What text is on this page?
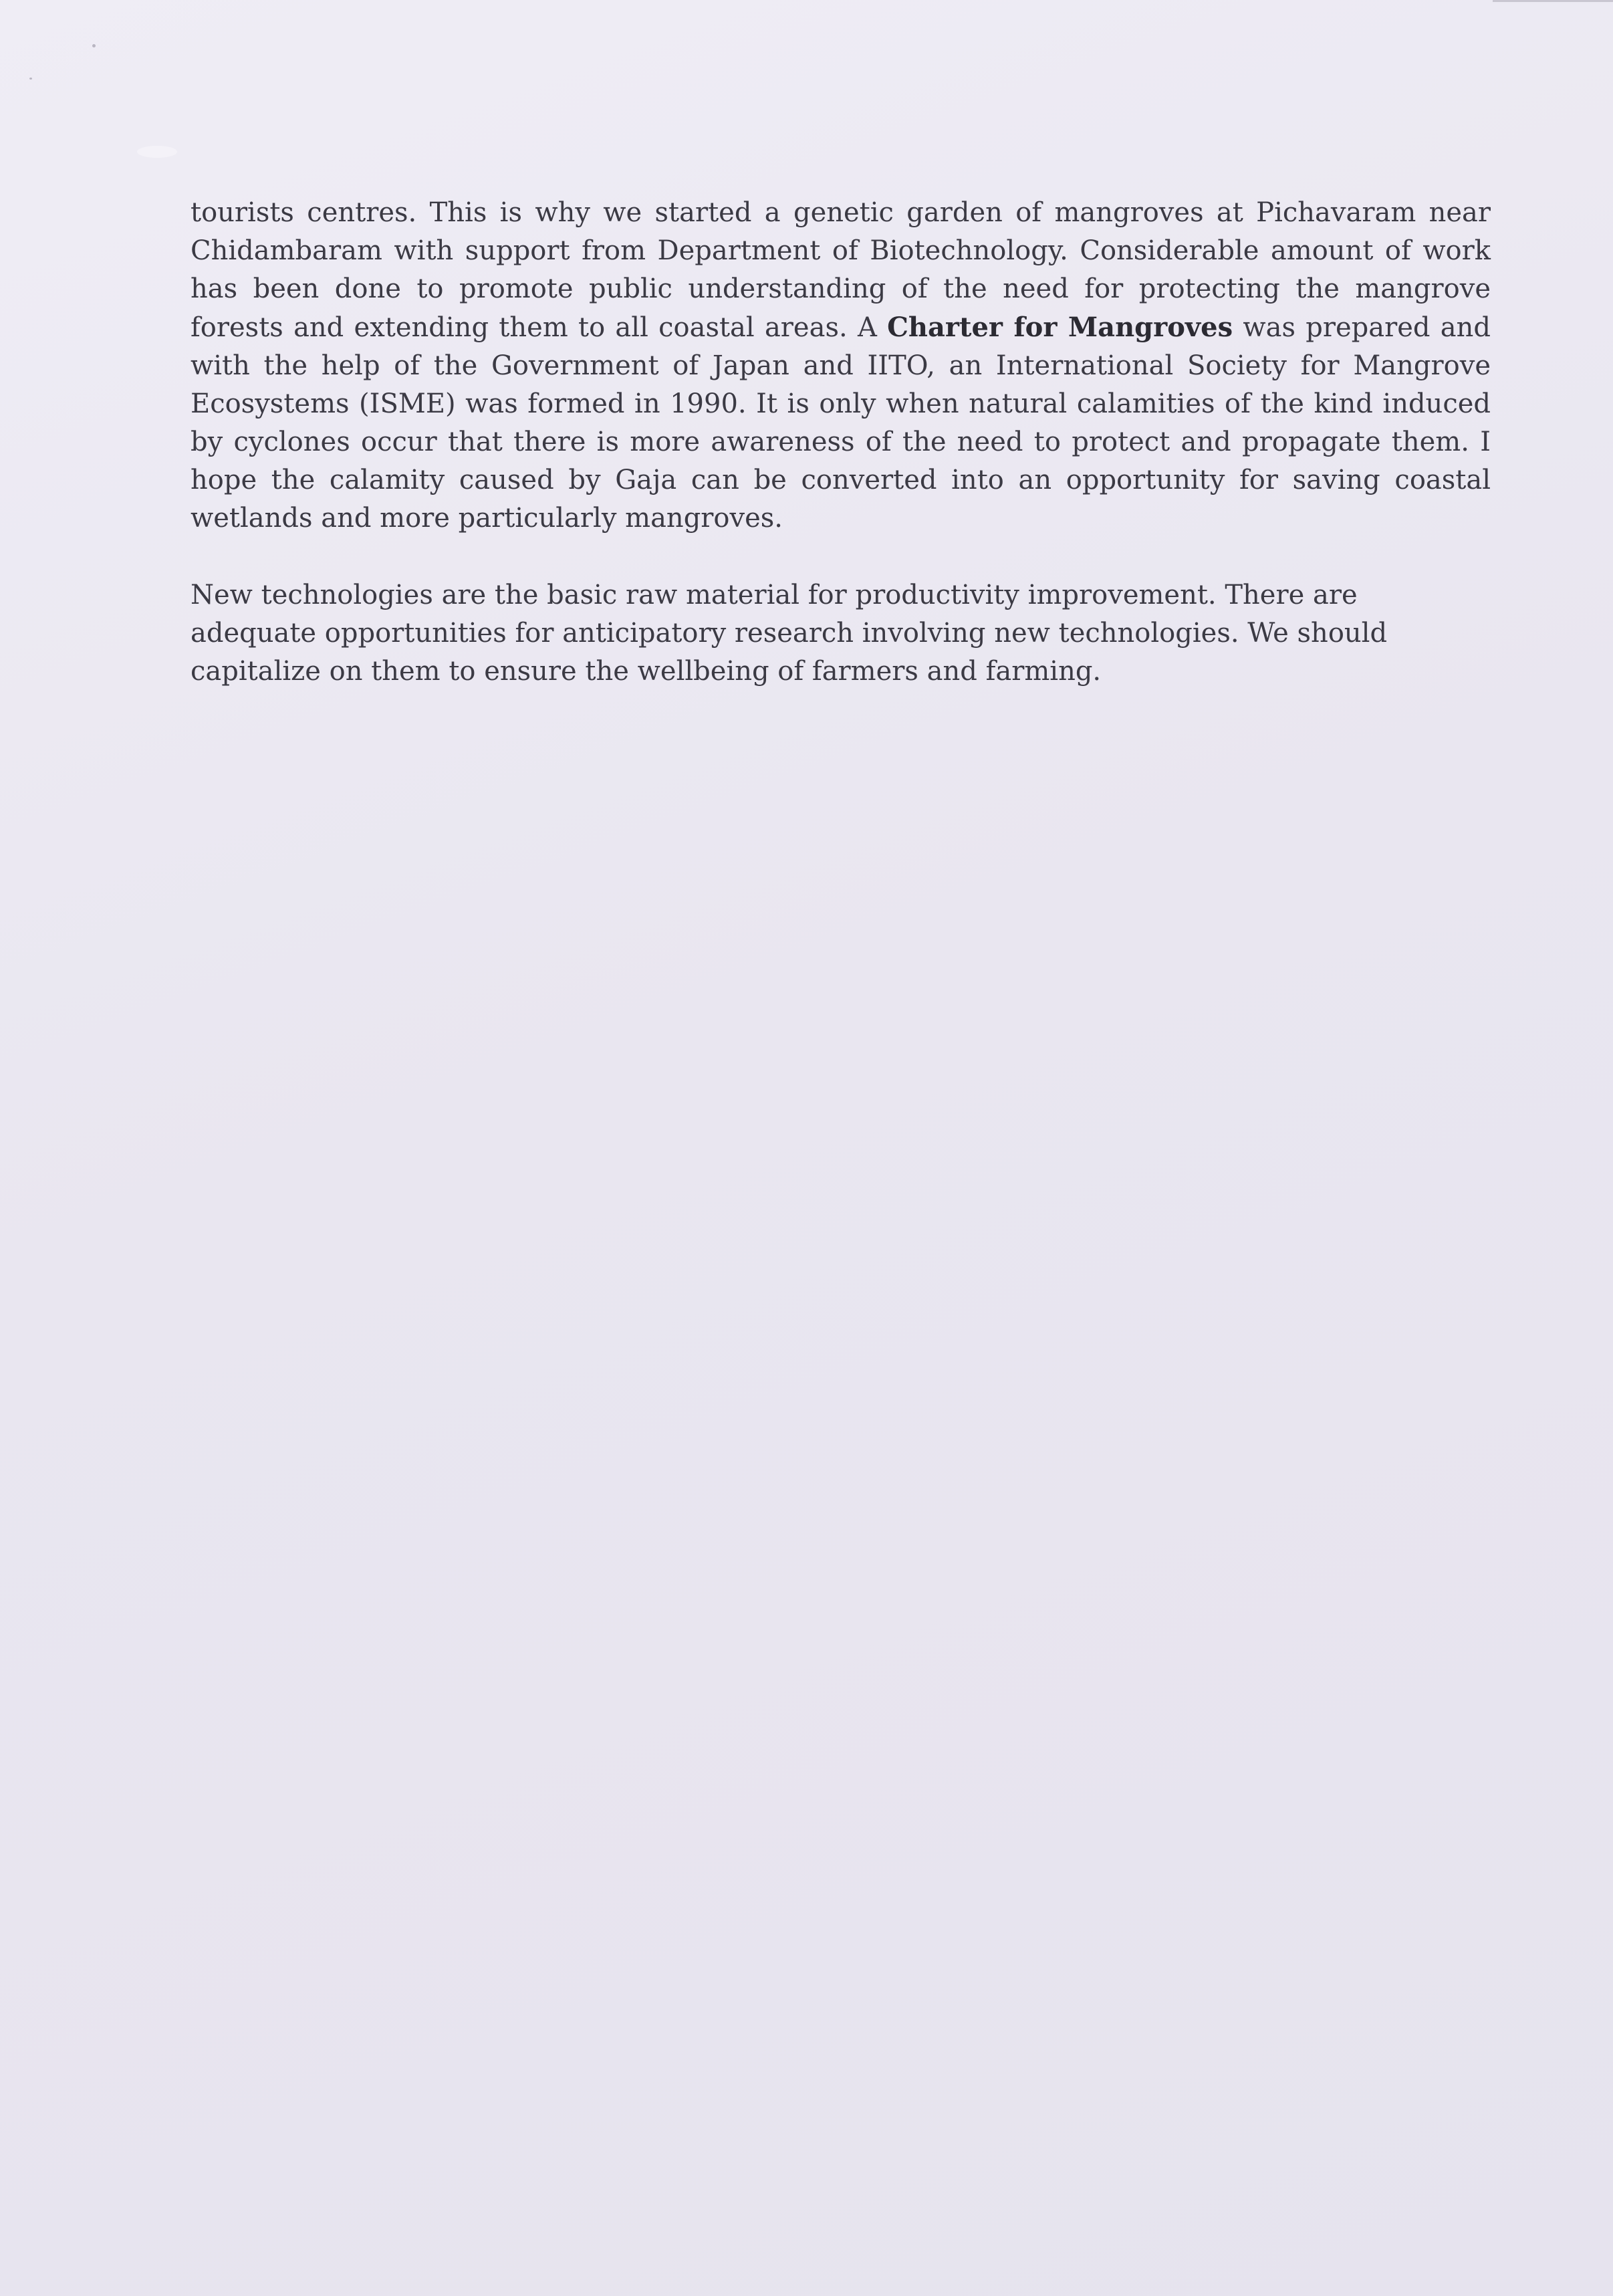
tourists centres. This is why we started a genetic garden of mangroves at Pichavaram near Chidambaram with support from Department of Biotechnology. Considerable amount of work has been done to promote public understanding of the need for protecting the mangrove forests and extending them to all coastal areas. A Charter for Mangroves was prepared and with the help of the Government of Japan and IITO, an International Society for Mangrove Ecosystems (ISME) was formed in 1990. It is only when natural calamities of the kind induced by cyclones occur that there is more awareness of the need to protect and propagate them. I hope the calamity caused by Gaja can be converted into an opportunity for saving coastal wetlands and more particularly mangroves.

New technologies are the basic raw material for productivity improvement. There are adequate opportunities for anticipatory research involving new technologies. We should capitalize on them to ensure the wellbeing of farmers and farming.
